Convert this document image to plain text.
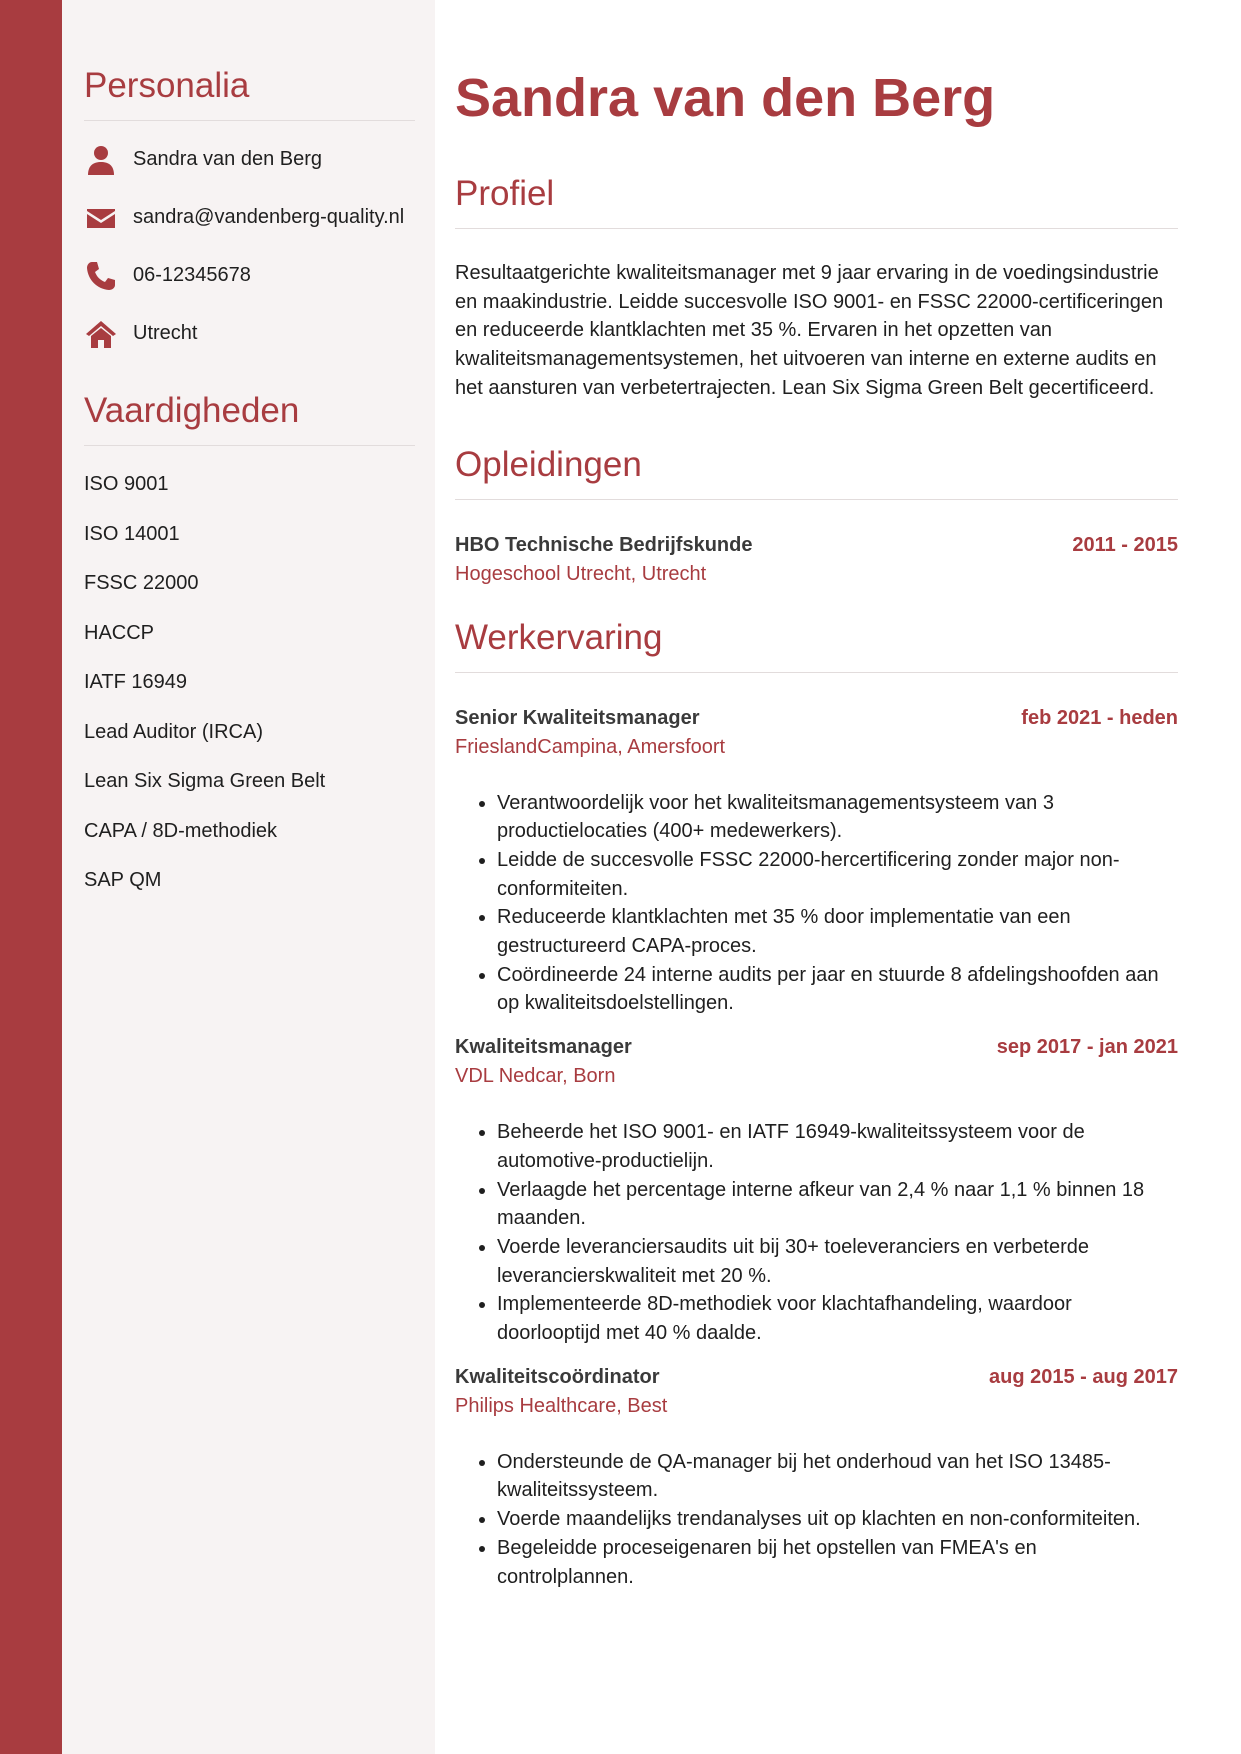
Personalia
Sandra van den Berg
sandra@vandenberg-quality.nl
06-12345678
Utrecht
Vaardigheden
ISO 9001
ISO 14001
FSSC 22000
HACCP
IATF 16949
Lead Auditor (IRCA)
Lean Six Sigma Green Belt
CAPA / 8D-methodiek
SAP QM
Sandra van den Berg
Profiel

Resultaatgerichte kwaliteitsmanager met 9 jaar ervaring in de voedingsindustrie en maakindustrie. Leidde succesvolle ISO 9001- en FSSC 22000-certificeringen en reduceerde klantklachten met 35 %. Ervaren in het opzetten van kwaliteitsmanagementsystemen, het uitvoeren van interne en externe audits en het aansturen van verbetertrajecten. Lean Six Sigma Green Belt gecertificeerd.

Opleidingen
HBO Technische Bedrijfskunde	2011 - 2015
Hogeschool Utrecht, Utrecht
Werkervaring
Senior Kwaliteitsmanager	feb 2021 - heden
FrieslandCampina, Amersfoort
• Verantwoordelijk voor het kwaliteitsmanagementsysteem van 3 productielocaties (400+ medewerkers).
• Leidde de succesvolle FSSC 22000-hercertificering zonder major non-conformiteiten.
• Reduceerde klantklachten met 35 % door implementatie van een gestructureerd CAPA-proces.
• Coördineerde 24 interne audits per jaar en stuurde 8 afdelingshoofden aan op kwaliteitsdoelstellingen.
Kwaliteitsmanager	sep 2017 - jan 2021
VDL Nedcar, Born
• Beheerde het ISO 9001- en IATF 16949-kwaliteitssysteem voor de automotive-productielijn.
• Verlaagde het percentage interne afkeur van 2,4 % naar 1,1 % binnen 18 maanden.
• Voerde leveranciersaudits uit bij 30+ toeleveranciers en verbeterde leverancierskwaliteit met 20 %.
• Implementeerde 8D-methodiek voor klachtafhandeling, waardoor doorlooptijd met 40 % daalde.
Kwaliteitscoördinator	aug 2015 - aug 2017
Philips Healthcare, Best
• Ondersteunde de QA-manager bij het onderhoud van het ISO 13485-kwaliteitssysteem.
• Voerde maandelijks trendanalyses uit op klachten en non-conformiteiten.
• Begeleidde proceseigenaren bij het opstellen van FMEA's en controlplannen.
